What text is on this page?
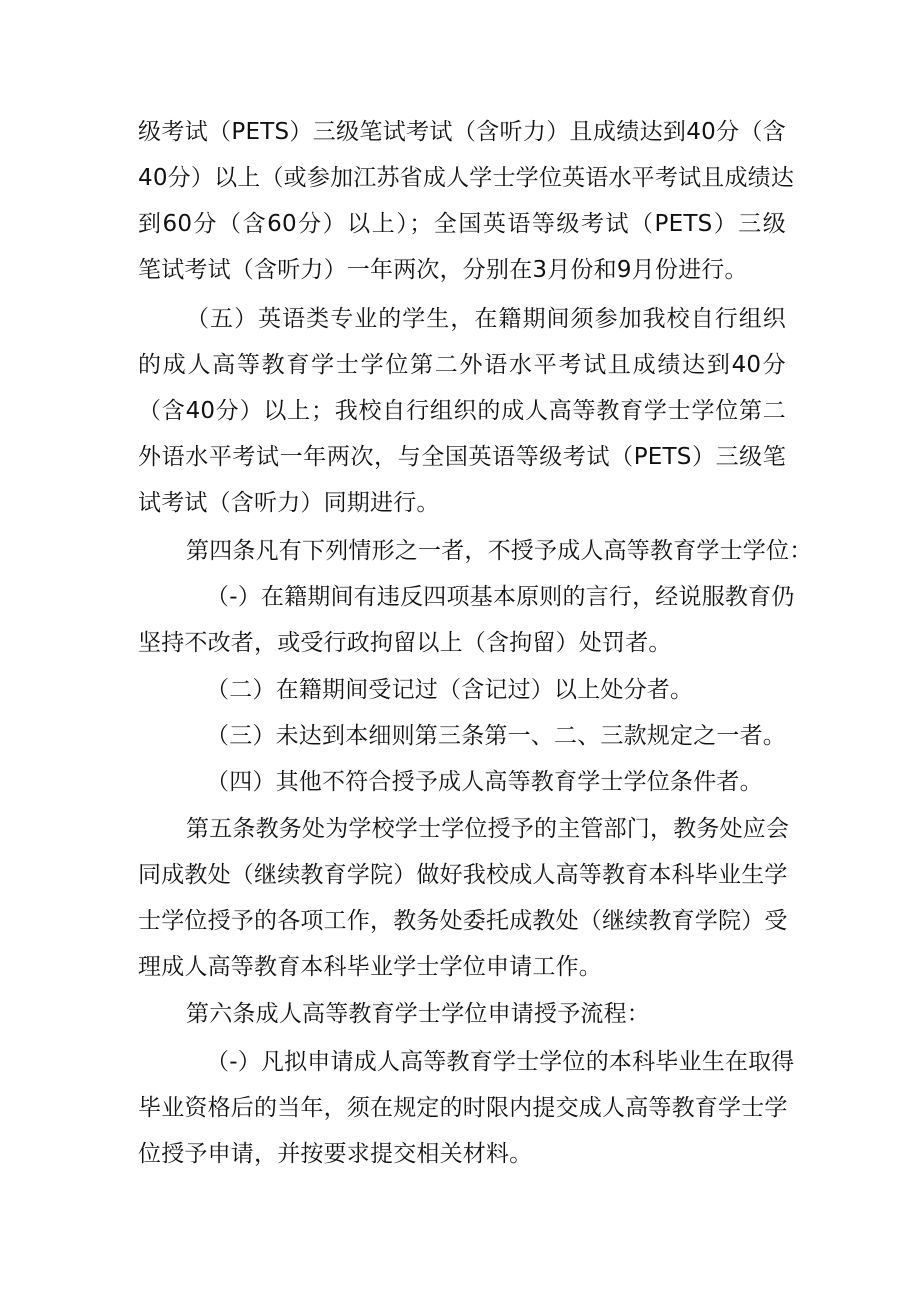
级考试（PETS）三级笔试考试（含听力）且成绩达到40分（含
40分）以上（或参加江苏省成人学士学位英语水平考试且成绩达
到60分（含60分）以上）；全国英语等级考试（PETS）三级
笔试考试（含听力）一年两次，分别在3月份和9月份进行。
（五）英语类专业的学生，在籍期间须参加我校自行组织
的成人高等教育学士学位第二外语水平考试且成绩达到40分
（含40分）以上；我校自行组织的成人高等教育学士学位第二
外语水平考试一年两次，与全国英语等级考试（PETS）三级笔
试考试（含听力）同期进行。
第四条凡有下列情形之一者，不授予成人高等教育学士学位：
（-）在籍期间有违反四项基本原则的言行，经说服教育仍
坚持不改者，或受行政拘留以上（含拘留）处罚者。
（二）在籍期间受记过（含记过）以上处分者。
（三）未达到本细则第三条第一、二、三款规定之一者。
（四）其他不符合授予成人高等教育学士学位条件者。
第五条教务处为学校学士学位授予的主管部门，教务处应会
同成教处（继续教育学院）做好我校成人高等教育本科毕业生学
士学位授予的各项工作，教务处委托成教处（继续教育学院）受
理成人高等教育本科毕业学士学位申请工作。
第六条成人高等教育学士学位申请授予流程：
（-）凡拟申请成人高等教育学士学位的本科毕业生在取得
毕业资格后的当年，须在规定的时限内提交成人高等教育学士学
位授予申请，并按要求提交相关材料。
